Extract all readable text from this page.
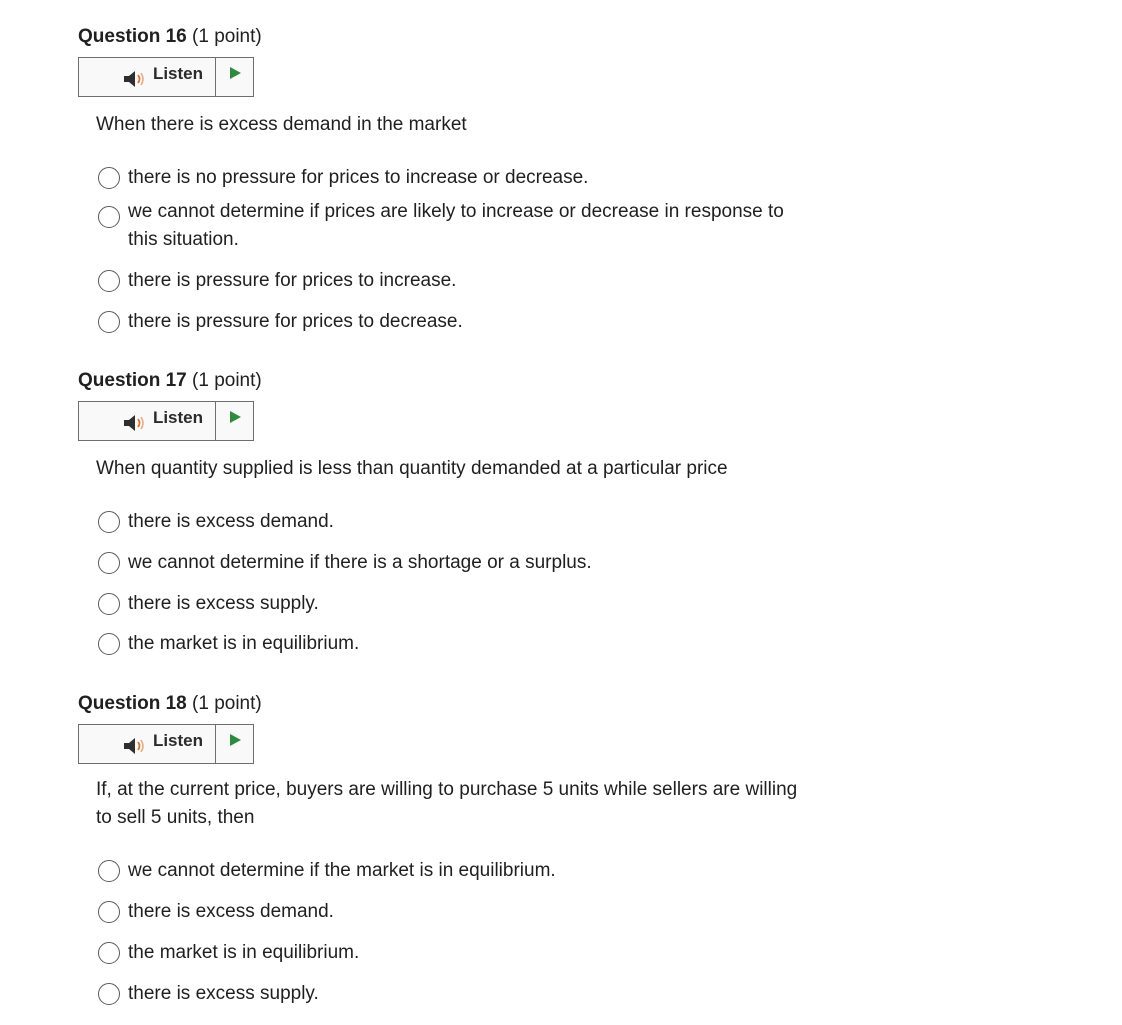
Question 16 (1 point)
Listen

When there is excess demand in the market

there is no pressure for prices to increase or decrease.
we cannot determine if prices are likely to increase or decrease in response to this situation.
there is pressure for prices to increase.
there is pressure for prices to decrease.
Question 17 (1 point)
Listen

When quantity supplied is less than quantity demanded at a particular price

there is excess demand.
we cannot determine if there is a shortage or a surplus.
there is excess supply.
the market is in equilibrium.
Question 18 (1 point)
Listen

If, at the current price, buyers are willing to purchase 5 units while sellers are willing to sell 5 units, then

we cannot determine if the market is in equilibrium.
there is excess demand.
the market is in equilibrium.
there is excess supply.
